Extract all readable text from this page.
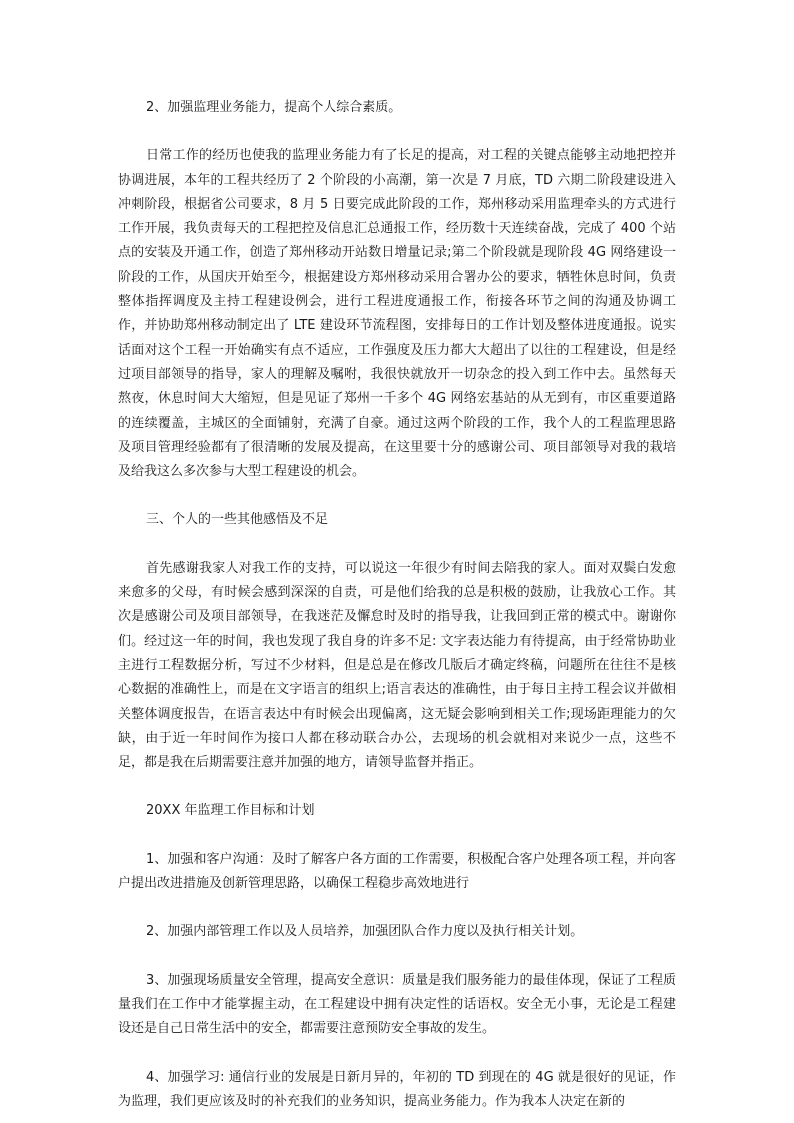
2、加强监理业务能力，提高个人综合素质。

日常工作的经历也使我的监理业务能力有了长足的提高，对工程的关键点能够主动地把控并协调进展，本年的工程共经历了 2 个阶段的小高潮，第一次是 7 月底，TD 六期二阶段建设进入冲刺阶段，根据省公司要求，8 月 5 日要完成此阶段的工作，郑州移动采用监理牵头的方式进行工作开展，我负责每天的工程把控及信息汇总通报工作，经历数十天连续奋战，完成了 400 个站点的安装及开通工作，创造了郑州移动开站数日增量记录;第二个阶段就是现阶段 4G 网络建设一阶段的工作，从国庆开始至今，根据建设方郑州移动采用合署办公的要求，牺牲休息时间，负责整体指挥调度及主持工程建设例会，进行工程进度通报工作，衔接各环节之间的沟通及协调工作，并协助郑州移动制定出了 LTE 建设环节流程图，安排每日的工作计划及整体进度通报。说实话面对这个工程一开始确实有点不适应，工作强度及压力都大大超出了以往的工程建设，但是经过项目部领导的指导，家人的理解及嘱咐，我很快就放开一切杂念的投入到工作中去。虽然每天熬夜，休息时间大大缩短，但是见证了郑州一千多个 4G 网络宏基站的从无到有，市区重要道路的连续覆盖，主城区的全面铺射，充满了自豪。通过这两个阶段的工作，我个人的工程监理思路及项目管理经验都有了很清晰的发展及提高，在这里要十分的感谢公司、项目部领导对我的栽培及给我这么多次参与大型工程建设的机会。

三、个人的一些其他感悟及不足

首先感谢我家人对我工作的支持，可以说这一年很少有时间去陪我的家人。面对双鬓白发愈来愈多的父母，有时候会感到深深的自责，可是他们给我的总是积极的鼓励，让我放心工作。其次是感谢公司及项目部领导，在我迷茫及懈怠时及时的指导我，让我回到正常的模式中。谢谢你们。经过这一年的时间，我也发现了我自身的许多不足: 文字表达能力有待提高，由于经常协助业主进行工程数据分析，写过不少材料，但是总是在修改几版后才确定终稿，问题所在往往不是核心数据的准确性上，而是在文字语言的组织上;语言表达的准确性，由于每日主持工程会议并做相关整体调度报告，在语言表达中有时候会出现偏离，这无疑会影响到相关工作;现场距理能力的欠缺，由于近一年时间作为接口人都在移动联合办公，去现场的机会就相对来说少一点，这些不足，都是我在后期需要注意并加强的地方，请领导监督并指正。

20XX 年监理工作目标和计划

1、加强和客户沟通：及时了解客户各方面的工作需要，积极配合客户处理各项工程，并向客户提出改进措施及创新管理思路，以确保工程稳步高效地进行

2、加强内部管理工作以及人员培养，加强团队合作力度以及执行相关计划。

3、加强现场质量安全管理，提高安全意识：质量是我们服务能力的最佳体现，保证了工程质量我们在工作中才能掌握主动，在工程建设中拥有决定性的话语权。安全无小事，无论是工程建设还是自己日常生活中的安全，都需要注意预防安全事故的发生。

4、加强学习: 通信行业的发展是日新月异的，年初的 TD 到现在的 4G 就是很好的见证，作为监理，我们更应该及时的补充我们的业务知识，提高业务能力。作为我本人决定在新的
